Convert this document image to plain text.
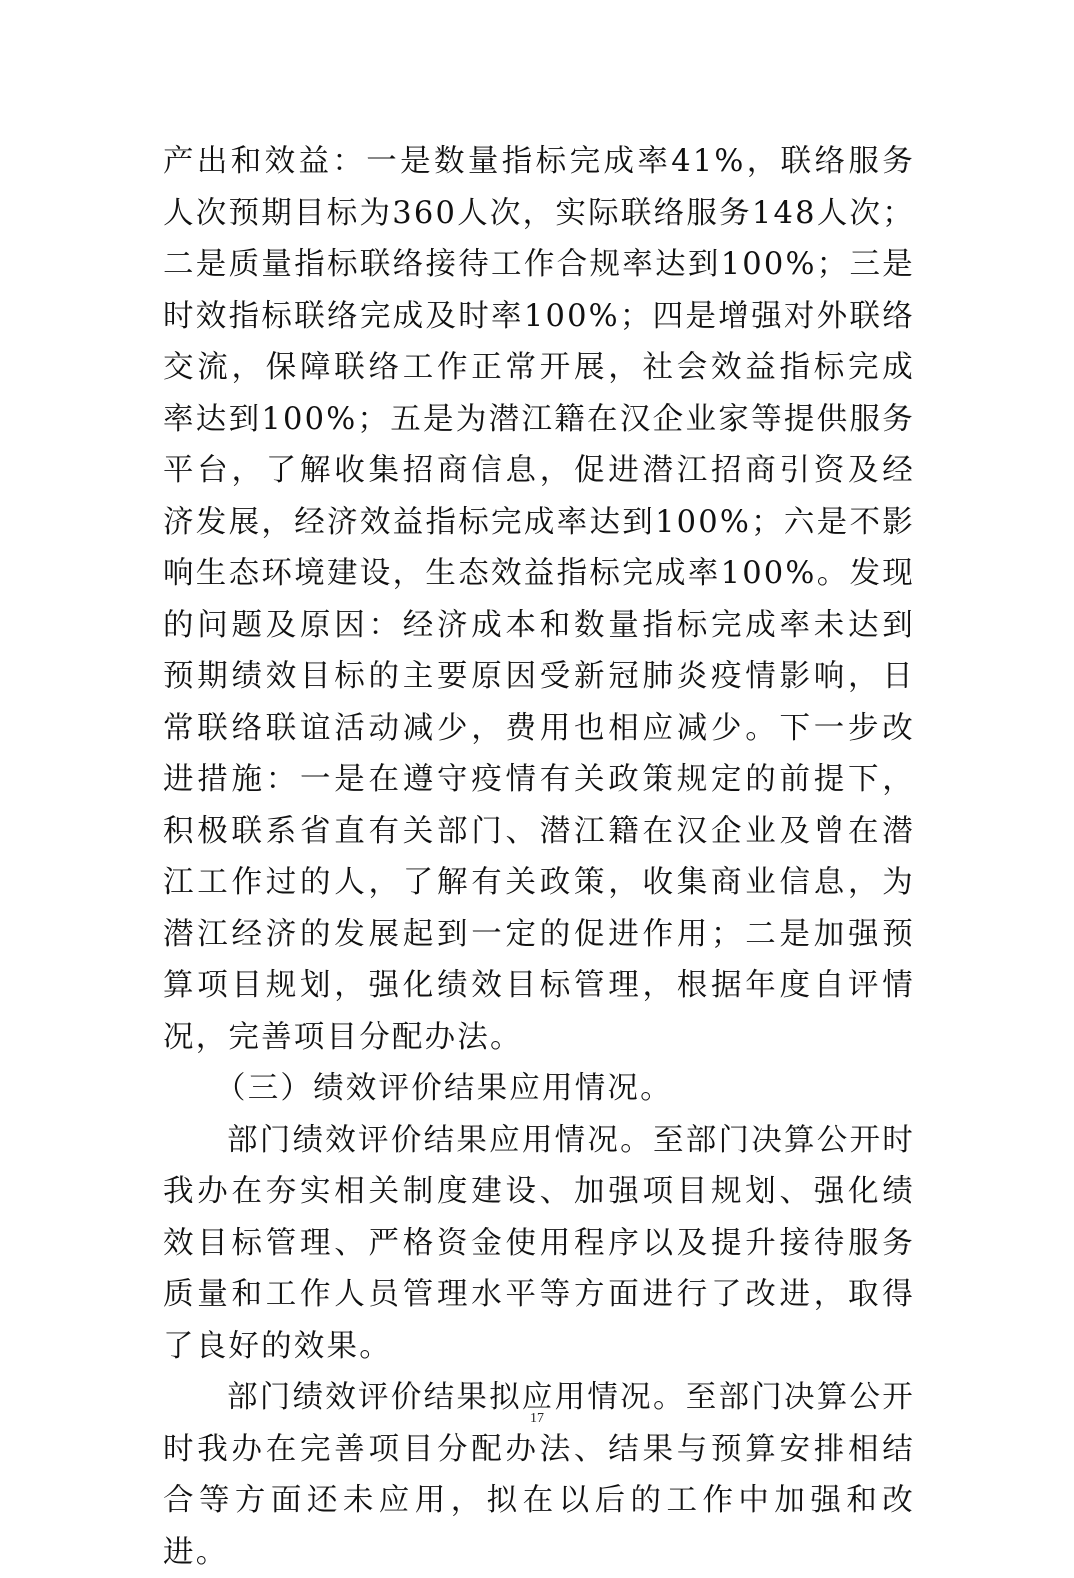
产出和效益：一是数量指标完成率41%，联络服务人次预期目标为360人次，实际联络服务148人次；二是质量指标联络接待工作合规率达到100%；三是时效指标联络完成及时率100%；四是增强对外联络交流，保障联络工作正常开展，社会效益指标完成率达到100%；五是为潜江籍在汉企业家等提供服务平台，了解收集招商信息，促进潜江招商引资及经济发展，经济效益指标完成率达到100%；六是不影响生态环境建设，生态效益指标完成率100%。发现的问题及原因：经济成本和数量指标完成率未达到预期绩效目标的主要原因受新冠肺炎疫情影响，日常联络联谊活动减少，费用也相应减少。下一步改进措施：一是在遵守疫情有关政策规定的前提下，积极联系省直有关部门、潜江籍在汉企业及曾在潜江工作过的人，了解有关政策，收集商业信息，为潜江经济的发展起到一定的促进作用；二是加强预算项目规划，强化绩效目标管理，根据年度自评情况，完善项目分配办法。

（三）绩效评价结果应用情况。

部门绩效评价结果应用情况。至部门决算公开时我办在夯实相关制度建设、加强项目规划、强化绩效目标管理、严格资金使用程序以及提升接待服务质量和工作人员管理水平等方面进行了改进，取得了良好的效果。

部门绩效评价结果拟应用情况。至部门决算公开时我办在完善项目分配办法、结果与预算安排相结合等方面还未应用，拟在以后的工作中加强和改进。

17
